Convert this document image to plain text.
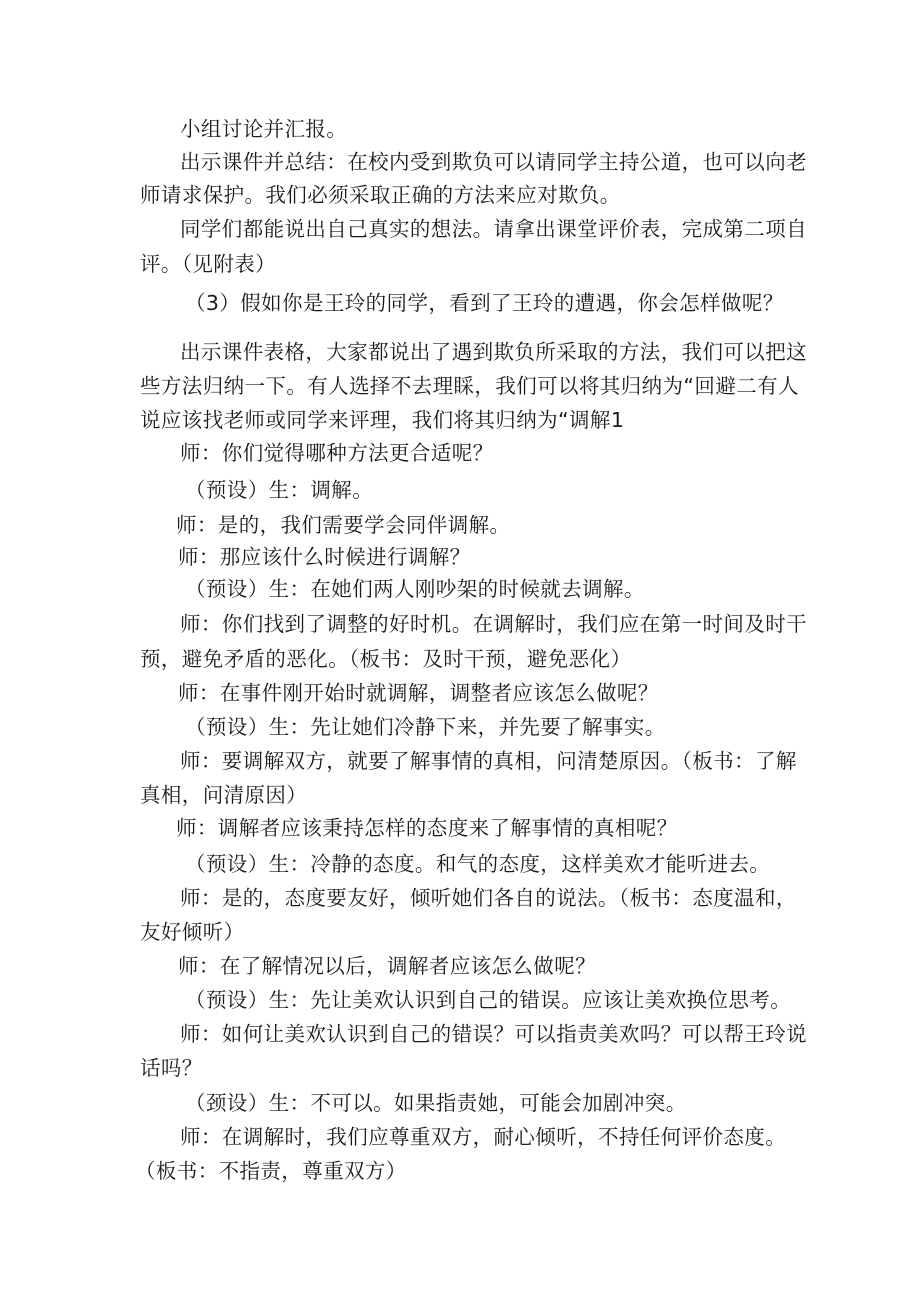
小组讨论并汇报。
出示课件并总结：在校内受到欺负可以请同学主持公道，也可以向老
师请求保护。我们必须采取正确的方法来应对欺负。
同学们都能说出自己真实的想法。请拿出课堂评价表，完成第二项自
评。（见附表）
（3）假如你是王玲的同学，看到了王玲的遭遇，你会怎样做呢？
出示课件表格，大家都说出了遇到欺负所采取的方法，我们可以把这
些方法归纳一下。有人选择不去理睬，我们可以将其归纳为“回避二有人
说应该找老师或同学来评理，我们将其归纳为“调解1
师：你们觉得哪种方法更合适呢？
（预设）生：调解。
师：是的，我们需要学会同伴调解。
师：那应该什么时候进行调解？
（预设）生：在她们两人刚吵架的时候就去调解。
师：你们找到了调整的好时机。在调解时，我们应在第一时间及时干
预，避免矛盾的恶化。（板书：及时干预，避免恶化）
师：在事件刚开始时就调解，调整者应该怎么做呢？
（预设）生：先让她们冷静下来，并先要了解事实。
师：要调解双方，就要了解事情的真相，问清楚原因。（板书：了解
真相，问清原因）
师：调解者应该秉持怎样的态度来了解事情的真相呢？
（预设）生：冷静的态度。和气的态度，这样美欢才能听进去。
师：是的，态度要友好，倾听她们各自的说法。（板书：态度温和，
友好倾听）
师：在了解情况以后，调解者应该怎么做呢？
（预设）生：先让美欢认识到自己的错误。应该让美欢换位思考。
师：如何让美欢认识到自己的错误？可以指责美欢吗？可以帮王玲说
话吗？
（颈设）生：不可以。如果指责她，可能会加剧冲突。
师：在调解时，我们应尊重双方，耐心倾听，不持任何评价态度。
（板书：不指责，尊重双方）
